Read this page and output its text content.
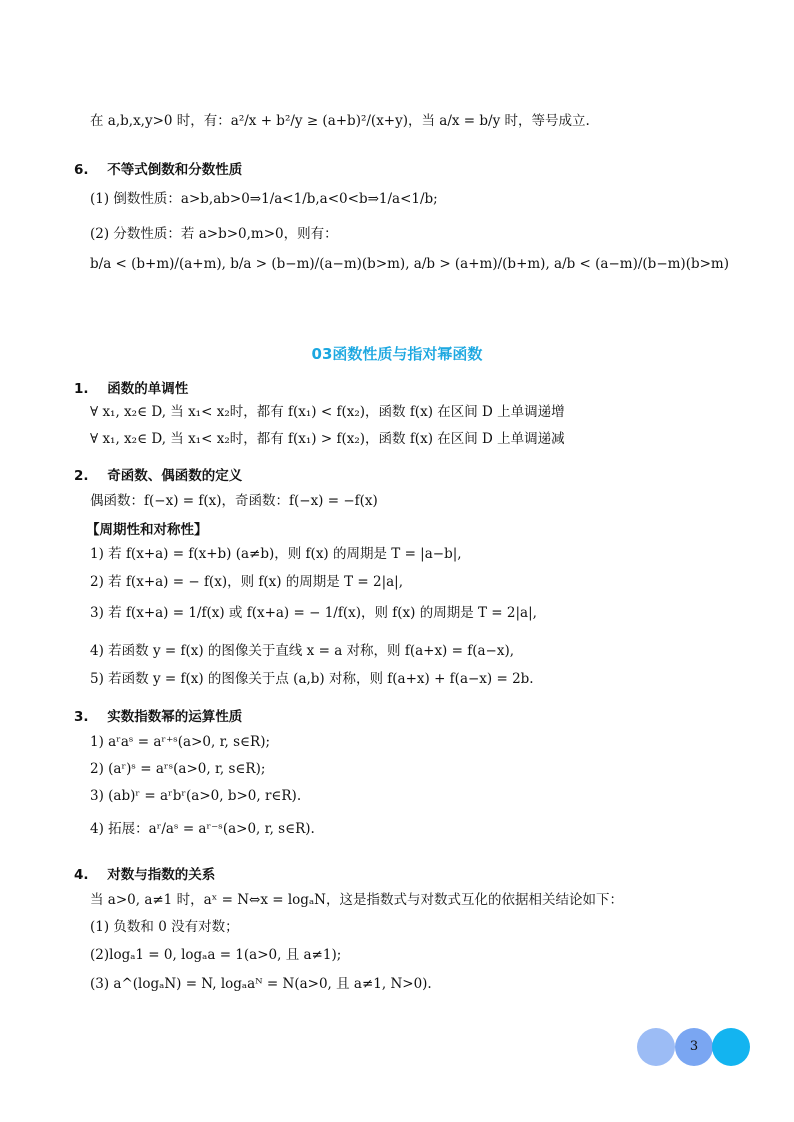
在 a,b,x,y>0 时，有：a²/x + b²/y ≥ (a+b)²/(x+y)，当 a/x = b/y 时，等号成立.
6. 不等式倒数和分数性质
(1) 倒数性质：a>b,ab>0⇒1/a<1/b,a<0<b⇒1/a<1/b;
(2) 分数性质：若 a>b>0,m>0，则有：
b/a < (b+m)/(a+m), b/a > (b−m)/(a−m)(b>m), a/b > (a+m)/(b+m), a/b < (a−m)/(b−m)(b>m)
03函数性质与指对幂函数
1. 函数的单调性
∀ x₁, x₂∈ D, 当 x₁< x₂时，都有 f(x₁) < f(x₂)，函数 f(x) 在区间 D 上单调递增
∀ x₁, x₂∈ D, 当 x₁< x₂时，都有 f(x₁) > f(x₂)，函数 f(x) 在区间 D 上单调递减
2. 奇函数、偶函数的定义
偶函数：f(−x) = f(x)，奇函数：f(−x) = −f(x)
【周期性和对称性】
1) 若 f(x+a) = f(x+b) (a≠b)，则 f(x) 的周期是 T = |a−b|,
2) 若 f(x+a) = − f(x)，则 f(x) 的周期是 T = 2|a|,
3) 若 f(x+a) = 1/f(x) 或 f(x+a) = − 1/f(x)，则 f(x) 的周期是 T = 2|a|,
4) 若函数 y = f(x) 的图像关于直线 x = a 对称，则 f(a+x) = f(a−x),
5) 若函数 y = f(x) 的图像关于点 (a,b) 对称，则 f(a+x) + f(a−x) = 2b.
3. 实数指数幂的运算性质
1) aʳaˢ = aʳ⁺ˢ(a>0, r, s∈R);
2) (aʳ)ˢ = aʳˢ(a>0, r, s∈R);
3) (ab)ʳ = aʳbʳ(a>0, b>0, r∈R).
4) 拓展：aʳ/aˢ = aʳ⁻ˢ(a>0, r, s∈R).
4. 对数与指数的关系
当 a>0, a≠1 时，aˣ = N⇔x = logₐN，这是指数式与对数式互化的依据相关结论如下：
(1) 负数和 0 没有对数；
(2)logₐ1 = 0, logₐa = 1(a>0, 且 a≠1);
(3) a^(logₐN) = N, logₐaᴺ = N(a>0, 且 a≠1, N>0).
3
